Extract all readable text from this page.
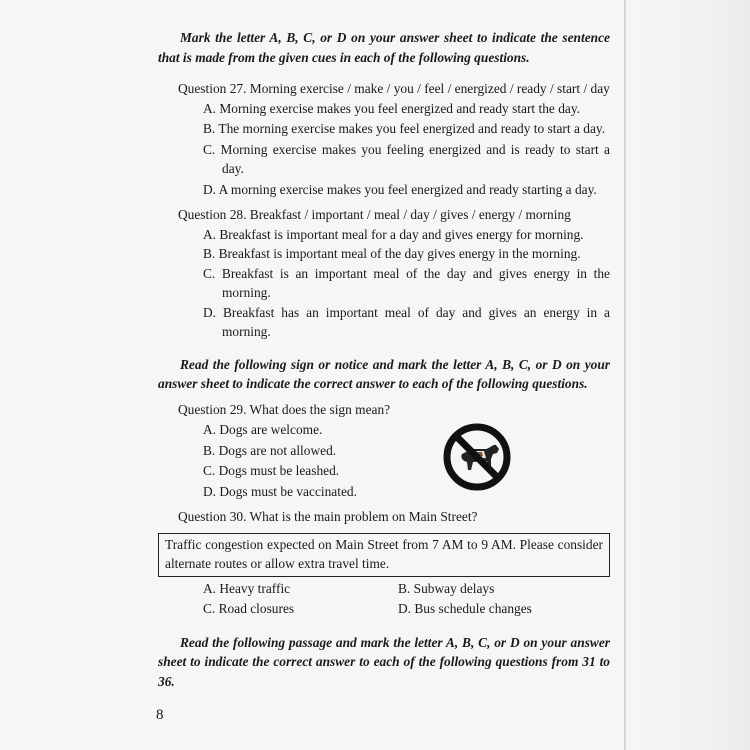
Mark the letter A, B, C, or D on your answer sheet to indicate the sentence that is made from the given cues in each of the following questions.

Question 27. Morning exercise / make / you / feel / energized / ready / start / day
A. Morning exercise makes you feel energized and ready start the day.
B. The morning exercise makes you feel energized and ready to start a day.
C. Morning exercise makes you feeling energized and is ready to start a day.
D. A morning exercise makes you feel energized and ready starting a day.
Question 28. Breakfast / important / meal / day / gives / energy / morning
A. Breakfast is important meal for a day and gives energy for morning.
B. Breakfast is important meal of the day gives energy in the morning.
C. Breakfast is an important meal of the day and gives energy in the morning.
D. Breakfast has an important meal of day and gives an energy in a morning.

Read the following sign or notice and mark the letter A, B, C, or D on your answer sheet to indicate the correct answer to each of the following questions.

Question 29. What does the sign mean?
A. Dogs are welcome.
B. Dogs are not allowed.
C. Dogs must be leashed.
D. Dogs must be vaccinated.
Question 30. What is the main problem on Main Street?
Traffic congestion expected on Main Street from 7 AM to 9 AM. Please consider alternate routes or allow extra travel time.
A. Heavy traffic	B. Subway delays
C. Road closures	D. Bus schedule changes

Read the following passage and mark the letter A, B, C, or D on your answer sheet to indicate the correct answer to each of the following questions from 31 to 36.

8
